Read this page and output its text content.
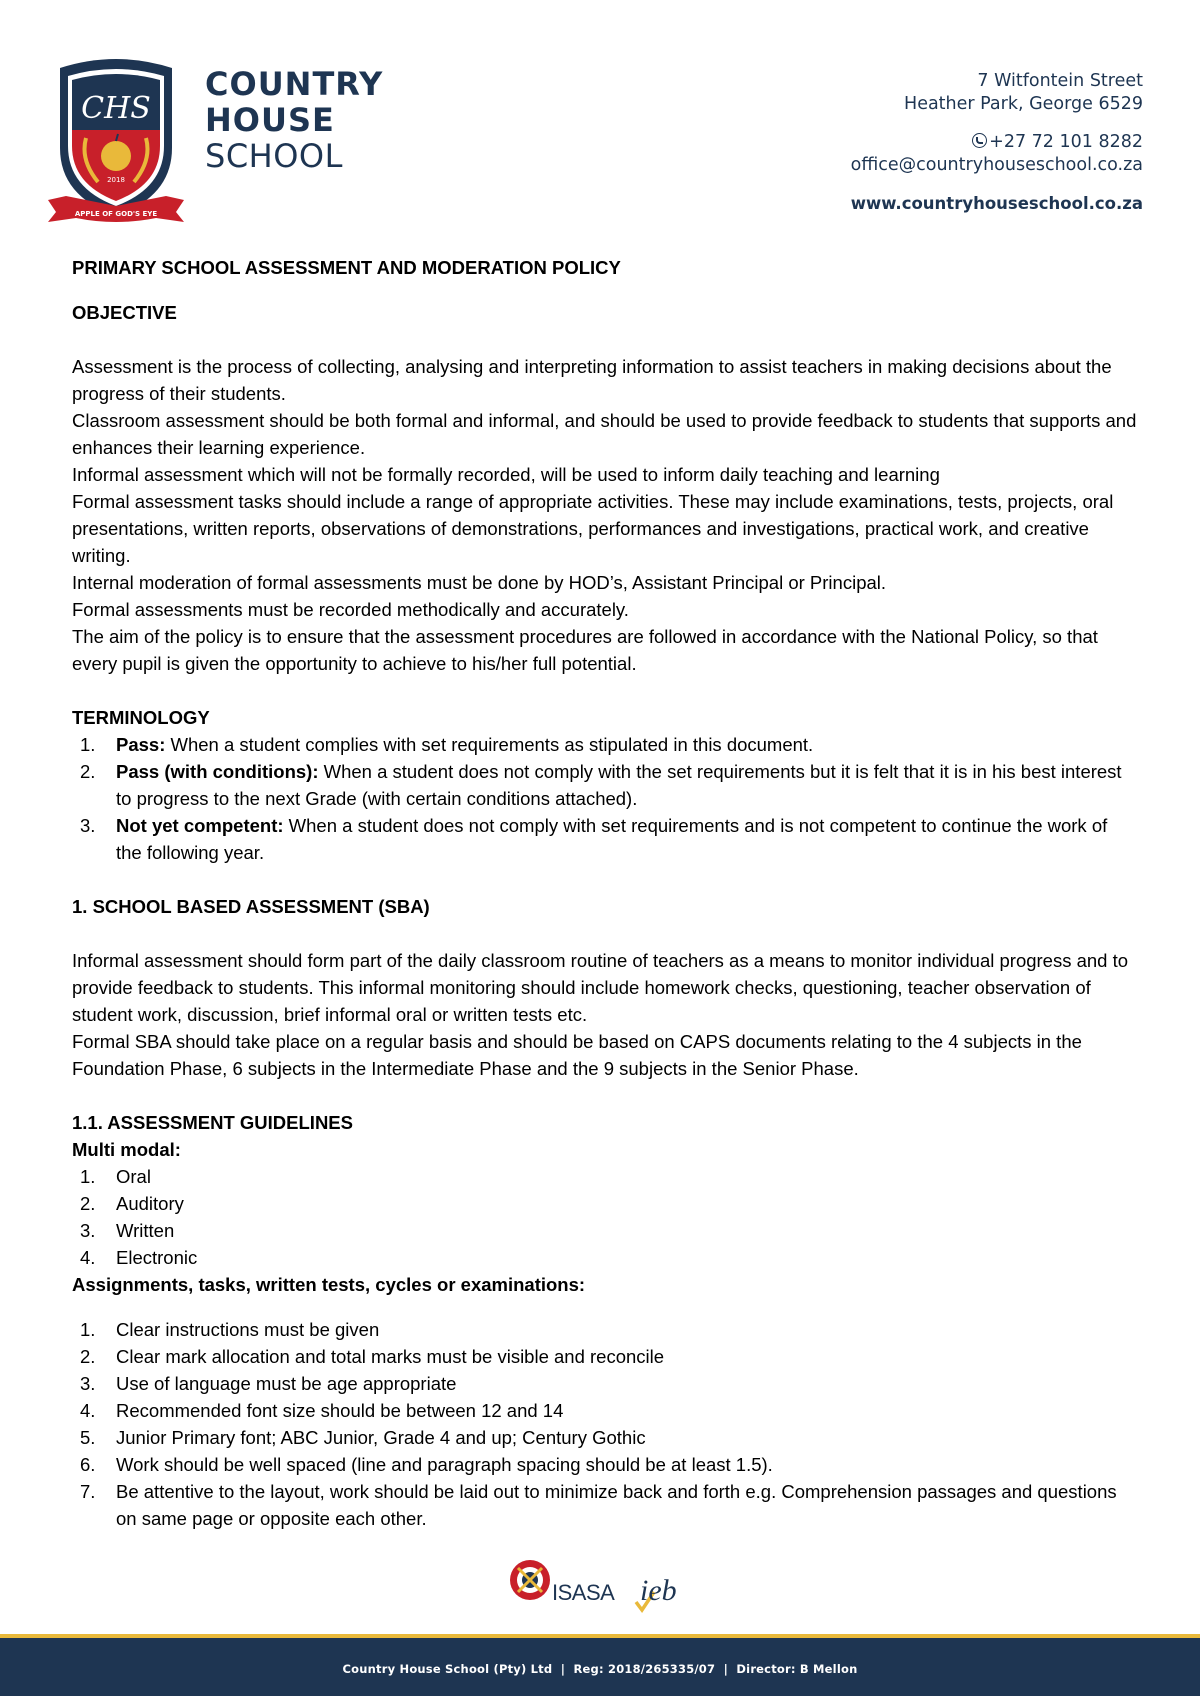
CHS
2018
APPLE OF GOD'S EYE
COUNTRY
HOUSE
SCHOOL
7 Witfontein Street
Heather Park, George 6529
+27 72 101 8282
office@countryhouseschool.co.za
www.countryhouseschool.co.za

PRIMARY SCHOOL ASSESSMENT AND MODERATION POLICY

OBJECTIVE

Assessment is the process of collecting, analysing and interpreting information to assist teachers in making decisions about the progress of their students.

Classroom assessment should be both formal and informal, and should be used to provide feedback to students that supports and enhances their learning experience.

Informal assessment which will not be formally recorded, will be used to inform daily teaching and learning

Formal assessment tasks should include a range of appropriate activities. These may include examinations, tests, projects, oral presentations, written reports, observations of demonstrations, performances and investigations, practical work, and creative writing.

Internal moderation of formal assessments must be done by HOD’s, Assistant Principal or Principal.

Formal assessments must be recorded methodically and accurately.

The aim of the policy is to ensure that the assessment procedures are followed in accordance with the National Policy, so that every pupil is given the opportunity to achieve to his/her full potential.

TERMINOLOGY

1. Pass: When a student complies with set requirements as stipulated in this document.
2. Pass (with conditions): When a student does not comply with the set requirements but it is felt that it is in his best interest to progress to the next Grade (with certain conditions attached).
3. Not yet competent: When a student does not comply with set requirements and is not competent to continue the work of the following year.

1. SCHOOL BASED ASSESSMENT (SBA)

Informal assessment should form part of the daily classroom routine of teachers as a means to monitor individual progress and to provide feedback to students. This informal monitoring should include homework checks, questioning, teacher observation of student work, discussion, brief informal oral or written tests etc.

Formal SBA should take place on a regular basis and should be based on CAPS documents relating to the 4 subjects in the Foundation Phase, 6 subjects in the Intermediate Phase and the 9 subjects in the Senior Phase.

1.1. ASSESSMENT GUIDELINES

Multi modal:

1. Oral
2. Auditory
3. Written
4. Electronic

Assignments, tasks, written tests, cycles or examinations:

1. Clear instructions must be given
2. Clear mark allocation and total marks must be visible and reconcile
3. Use of language must be age appropriate
4. Recommended font size should be between 12 and 14
5. Junior Primary font; ABC Junior, Grade 4 and up; Century Gothic
6. Work should be well spaced (line and paragraph spacing should be at least 1.5).
7. Be attentive to the layout, work should be laid out to minimize back and forth e.g. Comprehension passages and questions on same page or opposite each other.
ISASA ieb
Country House School (Pty) Ltd  |  Reg: 2018/265335/07  |  Director: B Mellon
